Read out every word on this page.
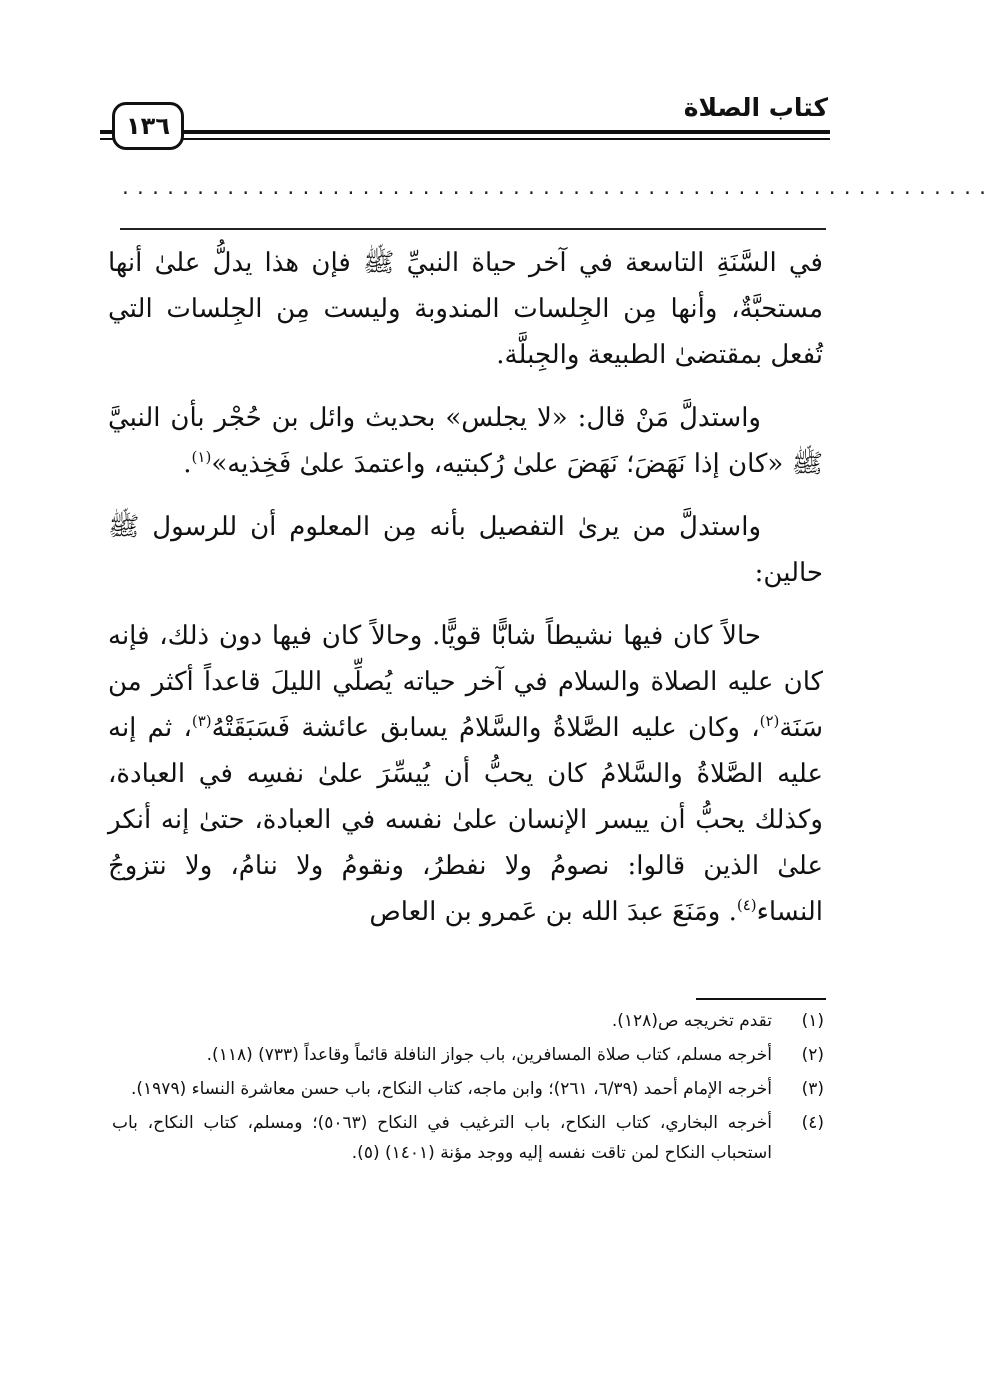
١٣٦
كتاب الصلاة
..........................................................

في السَّنَةِ التاسعة في آخر حياة النبيِّ ﷺ فإن هذا يدلُّ علىٰ أنها مستحبَّةٌ، وأنها مِن الجِلسات المندوبة وليست مِن الجِلسات التي تُفعل بمقتضىٰ الطبيعة والجِبلَّة.

واستدلَّ مَنْ قال: «لا يجلس» بحديث وائل بن حُجْر بأن النبيَّ ﷺ «كان إذا نَهَضَ؛ نَهَضَ علىٰ رُكبتيه، واعتمدَ علىٰ فَخِذيه»$^{(١)}$.

واستدلَّ من يرىٰ التفصيل بأنه مِن المعلوم أن للرسول ﷺ حالين:

حالاً كان فيها نشيطاً شابًّا قويًّا. وحالاً كان فيها دون ذلك، فإنه كان عليه الصلاة والسلام في آخر حياته يُصلِّي الليلَ قاعداً أكثر من سَنَة$^{(٢)}$، وكان عليه الصَّلاةُ والسَّلامُ يسابق عائشة فَسَبَقَتْهُ$^{(٣)}$، ثم إنه عليه الصَّلاةُ والسَّلامُ كان يحبُّ أن يُيسِّرَ علىٰ نفسِه في العبادة، وكذلك يحبُّ أن ييسر الإنسان علىٰ نفسه في العبادة، حتىٰ إنه أنكر علىٰ الذين قالوا: نصومُ ولا نفطرُ، ونقومُ ولا ننامُ، ولا نتزوجُ النساء$^{(٤)}$. ومَنَعَ عبدَ الله بن عَمرو بن العاص

(١)
تقدم تخريجه ص(١٢٨).
(٢)
أخرجه مسلم، كتاب صلاة المسافرين، باب جواز النافلة قائماً وقاعداً (٧٣٣) (١١٨).
(٣)
أخرجه الإمام أحمد (٦/٣٩، ٢٦١)؛ وابن ماجه، كتاب النكاح، باب حسن معاشرة النساء (١٩٧٩).
(٤)
أخرجه البخاري، كتاب النكاح، باب الترغيب في النكاح (٥٠٦٣)؛ ومسلم، كتاب النكاح، باب استحباب النكاح لمن تاقت نفسه إليه ووجد مؤنة (١٤٠١) (٥).
